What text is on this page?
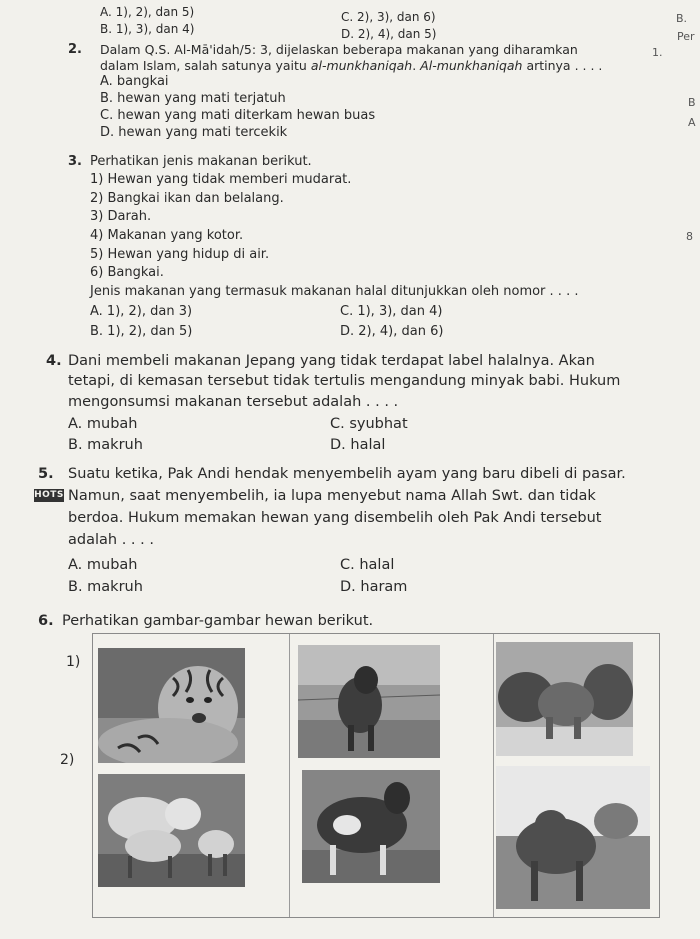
A. 1), 2), dan 5)	C. 2), 3), dan 6)
B. 1), 3), dan 4)	D. 2), 4), dan 5)
2. Dalam Q.S. Al-Mā'idah/5: 3, dijelaskan beberapa makanan yang diharamkan
dalam Islam, salah satunya yaitu al-munkhaniqah. Al-munkhaniqah artinya . . . .
A. bangkai
B. hewan yang mati terjatuh
C. hewan yang mati diterkam hewan buas
D. hewan yang mati tercekik
3. Perhatikan jenis makanan berikut.
1) Hewan yang tidak memberi mudarat.
2) Bangkai ikan dan belalang.
3) Darah.
4) Makanan yang kotor.
5) Hewan yang hidup di air.
6) Bangkai.
Jenis makanan yang termasuk makanan halal ditunjukkan oleh nomor . . . .
A. 1), 2), dan 3)	C. 1), 3), dan 4)
B. 1), 2), dan 5)	D. 2), 4), dan 6)
4. Dani membeli makanan Jepang yang tidak terdapat label halalnya. Akan
tetapi, di kemasan tersebut tidak tertulis mengandung minyak babi. Hukum
mengonsumsi makanan tersebut adalah . . . .
A. mubah	C. syubhat
B. makruh	D. halal
5. Suatu ketika, Pak Andi hendak menyembelih ayam yang baru dibeli di pasar.
HOTS Namun, saat menyembelih, ia lupa menyebut nama Allah Swt. dan tidak
berdoa. Hukum memakan hewan yang disembelih oleh Pak Andi tersebut
adalah . . . .
A. mubah	C. halal
B. makruh	D. haram
6. Perhatikan gambar-gambar hewan berikut.
1)
2)
B.
Per
1.
B
A
8
